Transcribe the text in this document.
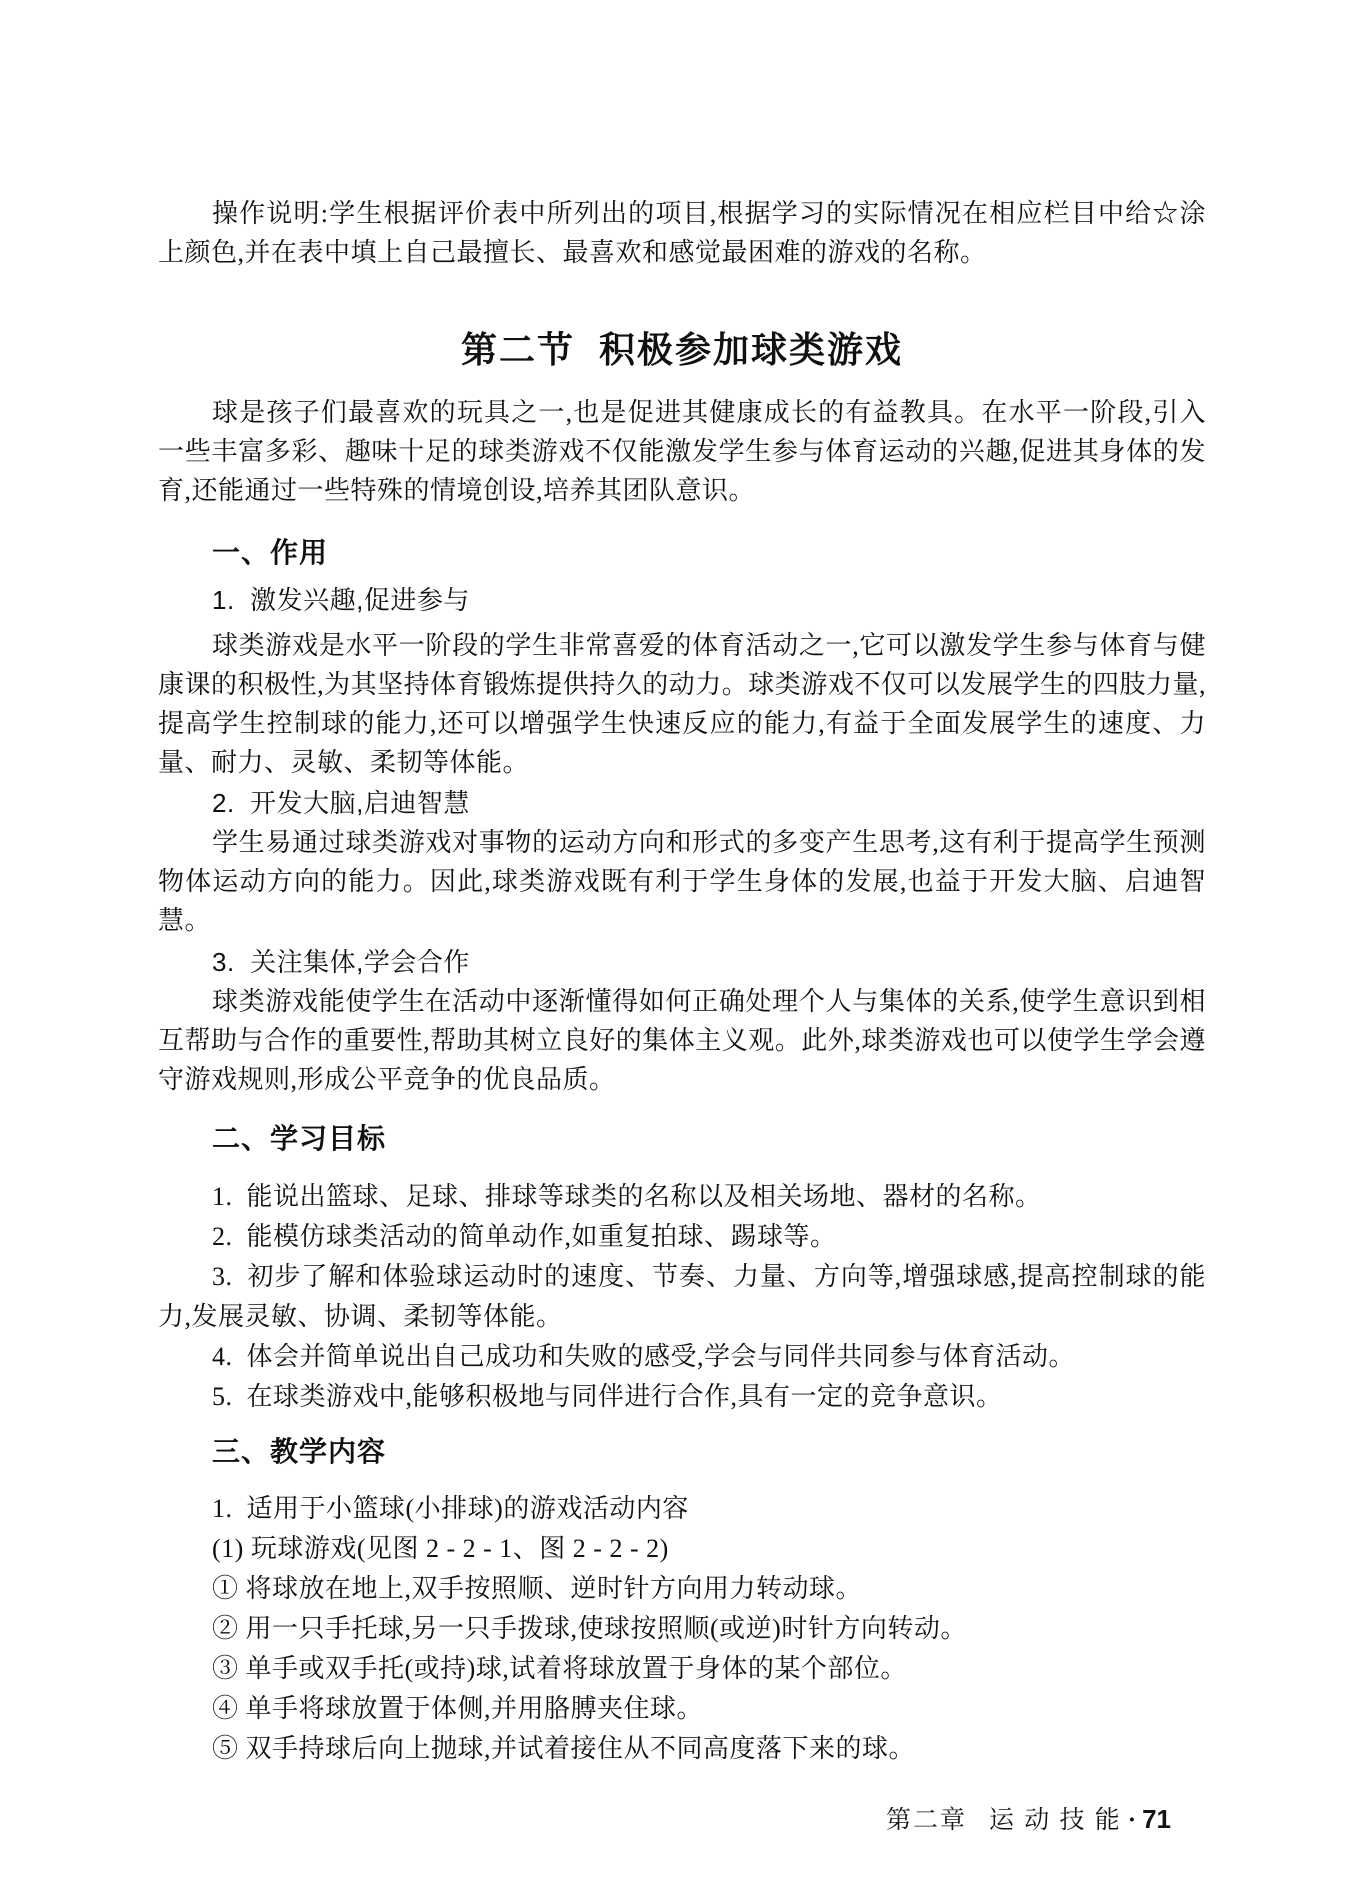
操作说明:学生根据评价表中所列出的项目,根据学习的实际情况在相应栏目中给☆涂上颜色,并在表中填上自己最擅长、最喜欢和感觉最困难的游戏的名称。

第二节  积极参加球类游戏

球是孩子们最喜欢的玩具之一,也是促进其健康成长的有益教具。在水平一阶段,引入一些丰富多彩、趣味十足的球类游戏不仅能激发学生参与体育运动的兴趣,促进其身体的发育,还能通过一些特殊的情境创设,培养其团队意识。

一、作用

1.  激发兴趣,促进参与

球类游戏是水平一阶段的学生非常喜爱的体育活动之一,它可以激发学生参与体育与健康课的积极性,为其坚持体育锻炼提供持久的动力。球类游戏不仅可以发展学生的四肢力量,提高学生控制球的能力,还可以增强学生快速反应的能力,有益于全面发展学生的速度、力量、耐力、灵敏、柔韧等体能。

2.  开发大脑,启迪智慧

学生易通过球类游戏对事物的运动方向和形式的多变产生思考,这有利于提高学生预测物体运动方向的能力。因此,球类游戏既有利于学生身体的发展,也益于开发大脑、启迪智慧。

3.  关注集体,学会合作

球类游戏能使学生在活动中逐渐懂得如何正确处理个人与集体的关系,使学生意识到相互帮助与合作的重要性,帮助其树立良好的集体主义观。此外,球类游戏也可以使学生学会遵守游戏规则,形成公平竞争的优良品质。

二、学习目标

1.  能说出篮球、足球、排球等球类的名称以及相关场地、器材的名称。

2.  能模仿球类活动的简单动作,如重复拍球、踢球等。

3.  初步了解和体验球运动时的速度、节奏、力量、方向等,增强球感,提高控制球的能力,发展灵敏、协调、柔韧等体能。

4.  体会并简单说出自己成功和失败的感受,学会与同伴共同参与体育活动。

5.  在球类游戏中,能够积极地与同伴进行合作,具有一定的竞争意识。

三、教学内容

1.  适用于小篮球(小排球)的游戏活动内容

(1) 玩球游戏(见图 2 - 2 - 1、图 2 - 2 - 2)

① 将球放在地上,双手按照顺、逆时针方向用力转动球。

② 用一只手托球,另一只手拨球,使球按照顺(或逆)时针方向转动。

③ 单手或双手托(或持)球,试着将球放置于身体的某个部位。

④ 单手将球放置于体侧,并用胳膊夹住球。

⑤ 双手持球后向上抛球,并试着接住从不同高度落下来的球。

第二章 运 动 技 能 · 71
